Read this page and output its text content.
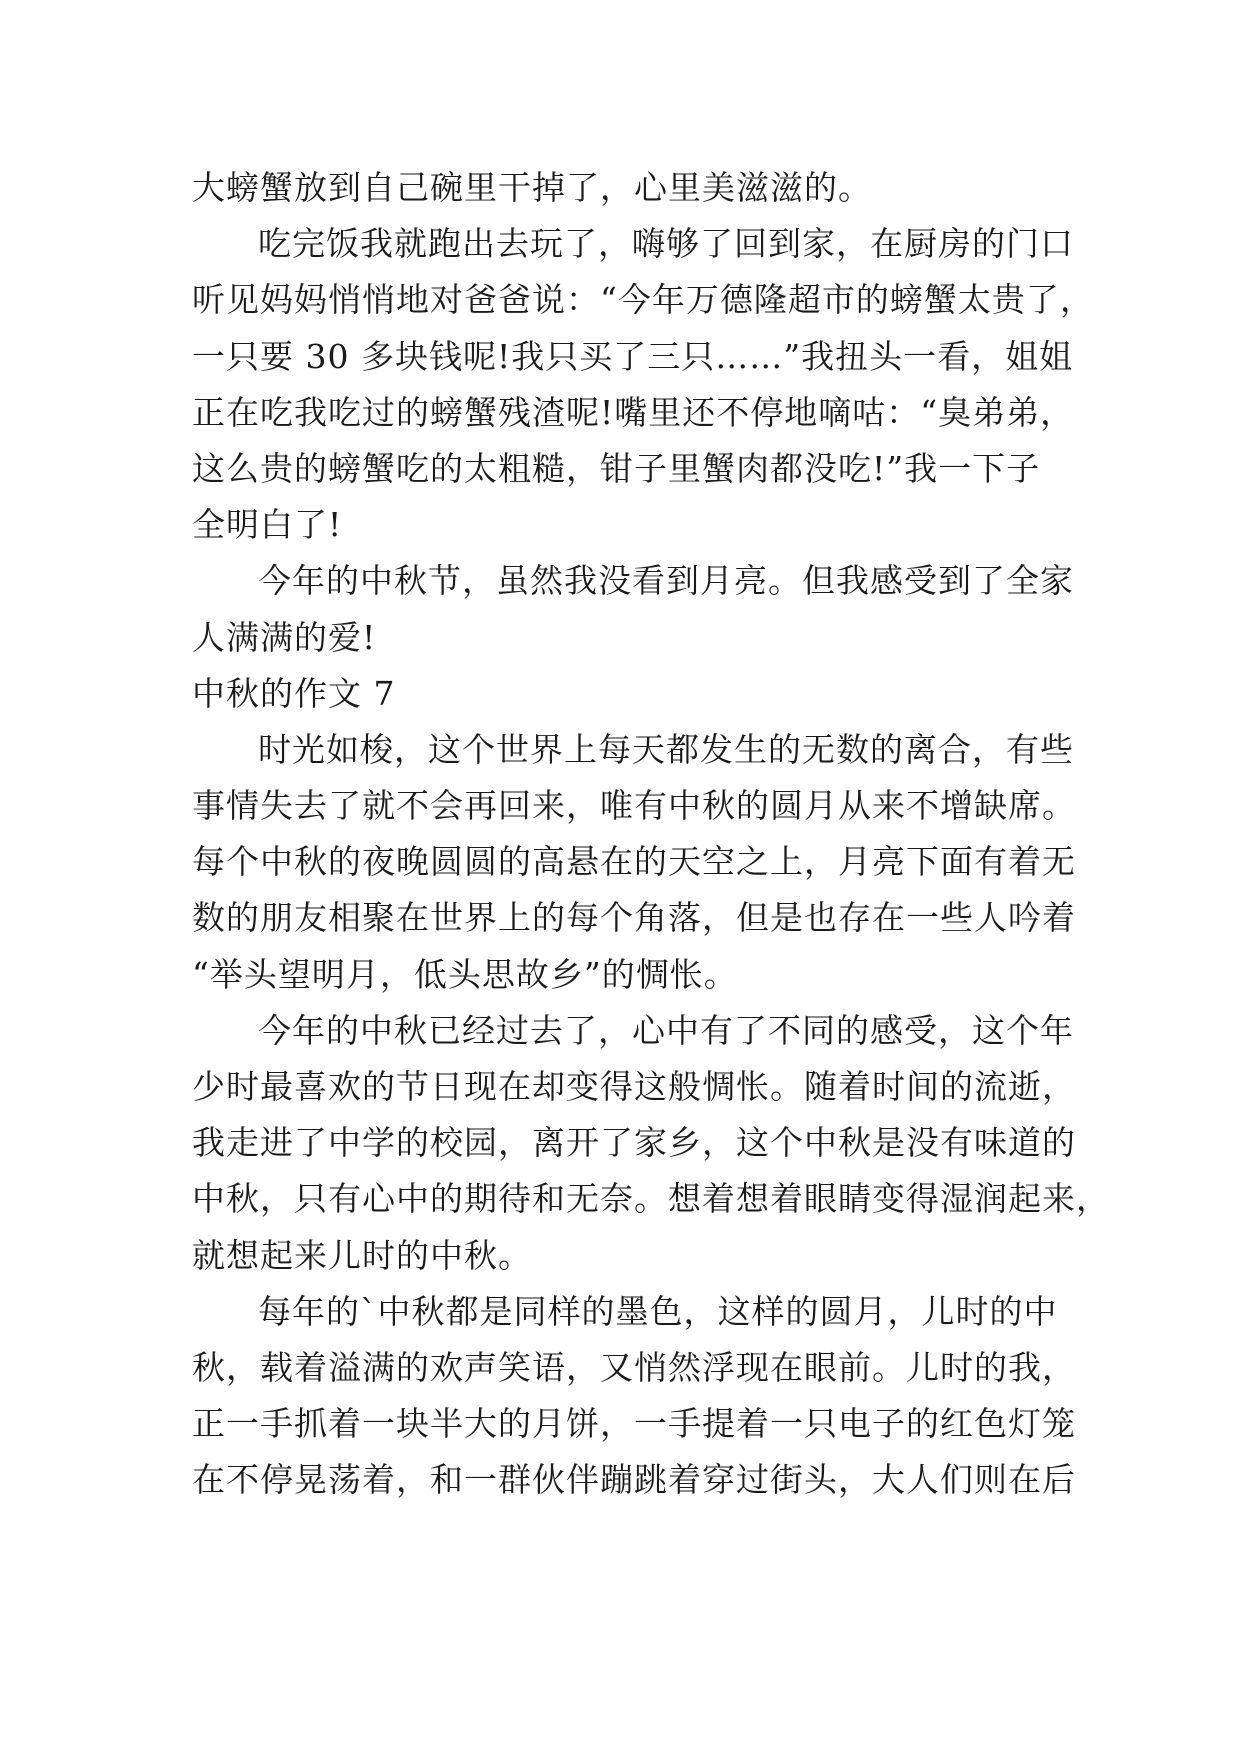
大螃蟹放到自己碗里干掉了，心里美滋滋的。
吃完饭我就跑出去玩了，嗨够了回到家，在厨房的门口
听见妈妈悄悄地对爸爸说：“今年万德隆超市的螃蟹太贵了，
一只要 30 多块钱呢!我只买了三只……”我扭头一看，姐姐
正在吃我吃过的螃蟹残渣呢!嘴里还不停地嘀咕：“臭弟弟，
这么贵的螃蟹吃的太粗糙，钳子里蟹肉都没吃!”我一下子
全明白了!
今年的中秋节，虽然我没看到月亮。但我感受到了全家
人满满的爱!
中秋的作文 7
时光如梭，这个世界上每天都发生的无数的离合，有些
事情失去了就不会再回来，唯有中秋的圆月从来不增缺席。
每个中秋的夜晚圆圆的高悬在的天空之上，月亮下面有着无
数的朋友相聚在世界上的每个角落，但是也存在一些人吟着
“举头望明月，低头思故乡”的惆怅。
今年的中秋已经过去了，心中有了不同的感受，这个年
少时最喜欢的节日现在却变得这般惆怅。随着时间的流逝，
我走进了中学的校园，离开了家乡，这个中秋是没有味道的
中秋，只有心中的期待和无奈。想着想着眼睛变得湿润起来，
就想起来儿时的中秋。
每年的`中秋都是同样的墨色，这样的圆月，儿时的中
秋，载着溢满的欢声笑语，又悄然浮现在眼前。儿时的我，
正一手抓着一块半大的月饼，一手提着一只电子的红色灯笼
在不停晃荡着，和一群伙伴蹦跳着穿过街头，大人们则在后
